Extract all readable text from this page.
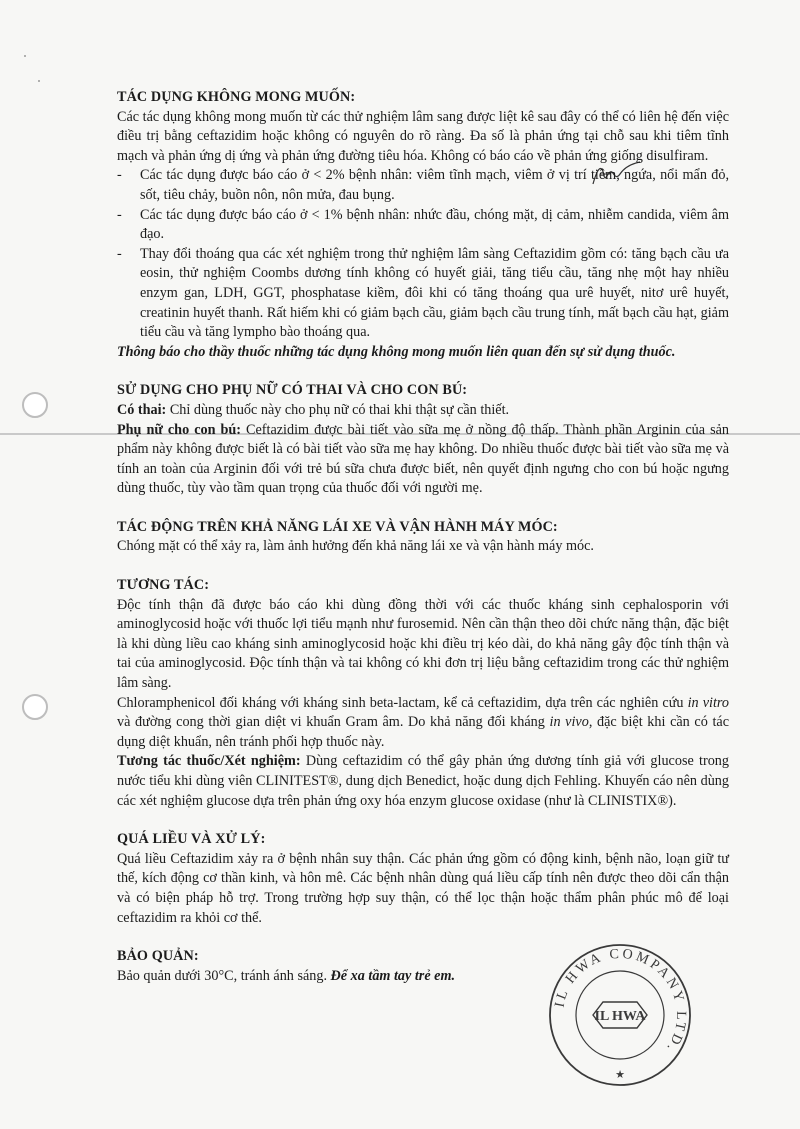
TÁC DỤNG KHÔNG MONG MUỐN:

Các tác dụng không mong muốn từ các thử nghiệm lâm sang được liệt kê sau đây có thể có liên hệ đến việc điều trị bằng ceftazidim hoặc không có nguyên do rõ ràng. Đa số là phản ứng tại chỗ sau khi tiêm tĩnh mạch và phản ứng dị ứng và phản ứng đường tiêu hóa. Không có báo cáo về phản ứng giống disulfiram.

-	Các tác dụng được báo cáo ở < 2% bệnh nhân: viêm tĩnh mạch, viêm ở vị trí tiêm, ngứa, nổi mẩn đỏ, sốt, tiêu chảy, buồn nôn, nôn mửa, đau bụng.
-	Các tác dụng được báo cáo ở < 1% bệnh nhân: nhức đầu, chóng mặt, dị cảm, nhiễm candida, viêm âm đạo.
-	Thay đổi thoáng qua các xét nghiệm trong thử nghiệm lâm sàng Ceftazidim gồm có: tăng bạch cầu ưa eosin, thử nghiệm Coombs dương tính không có huyết giải, tăng tiểu cầu, tăng nhẹ một hay nhiều enzym gan, LDH, GGT, phosphatase kiềm, đôi khi có tăng thoáng qua urê huyết, nitơ urê huyết, creatinin huyết thanh. Rất hiếm khi có giảm bạch cầu, giảm bạch cầu trung tính, mất bạch cầu hạt, giảm tiểu cầu và tăng lympho bào thoáng qua.

Thông báo cho thầy thuốc những tác dụng không mong muốn liên quan đến sự sử dụng thuốc.

SỬ DỤNG CHO PHỤ NỮ CÓ THAI VÀ CHO CON BÚ:

Có thai: Chỉ dùng thuốc này cho phụ nữ có thai khi thật sự cần thiết.

Phụ nữ cho con bú: Ceftazidim được bài tiết vào sữa mẹ ở nồng độ thấp. Thành phần Arginin của sản phẩm này không được biết là có bài tiết vào sữa mẹ hay không. Do nhiều thuốc được bài tiết vào sữa mẹ và tính an toàn của Arginin đối với trẻ bú sữa chưa được biết, nên quyết định ngưng cho con bú hoặc ngưng dùng thuốc, tùy vào tầm quan trọng của thuốc đối với người mẹ.

TÁC ĐỘNG TRÊN KHẢ NĂNG LÁI XE VÀ VẬN HÀNH MÁY MÓC:

Chóng mặt có thể xảy ra, làm ảnh hưởng đến khả năng lái xe và vận hành máy móc.

TƯƠNG TÁC:

Độc tính thận đã được báo cáo khi dùng đồng thời với các thuốc kháng sinh cephalosporin với aminoglycosid hoặc với thuốc lợi tiểu mạnh như furosemid. Nên cần thận theo dõi chức năng thận, đặc biệt là khi dùng liều cao kháng sinh aminoglycosid hoặc khi điều trị kéo dài, do khả năng gây độc tính thận và tai của aminoglycosid. Độc tính thận và tai không có khi đơn trị liệu bằng ceftazidim trong các thử nghiệm lâm sàng.

Chloramphenicol đối kháng với kháng sinh beta-lactam, kể cả ceftazidim, dựa trên các nghiên cứu in vitro và đường cong thời gian diệt vi khuẩn Gram âm. Do khả năng đối kháng in vivo, đặc biệt khi cần có tác dụng diệt khuẩn, nên tránh phối hợp thuốc này.

Tương tác thuốc/Xét nghiệm: Dùng ceftazidim có thể gây phản ứng dương tính giả với glucose trong nước tiểu khi dùng viên CLINITEST®, dung dịch Benedict, hoặc dung dịch Fehling. Khuyến cáo nên dùng các xét nghiệm glucose dựa trên phản ứng oxy hóa enzym glucose oxidase (như là CLINISTIX®).

QUÁ LIỀU VÀ XỬ LÝ:

Quá liều Ceftazidim xảy ra ở bệnh nhân suy thận. Các phản ứng gồm có động kinh, bệnh não, loạn giữ tư thế, kích động cơ thần kinh, và hôn mê. Các bệnh nhân dùng quá liều cấp tính nên được theo dõi cẩn thận và có biện pháp hỗ trợ. Trong trường hợp suy thận, có thể lọc thận hoặc thẩm phân phúc mô để loại ceftazidim ra khỏi cơ thể.

BẢO QUẢN:

Bảo quản dưới 30°C, tránh ánh sáng. Để xa tầm tay trẻ em.

IL HWA COMPANY LTD.
IL HWA
★
